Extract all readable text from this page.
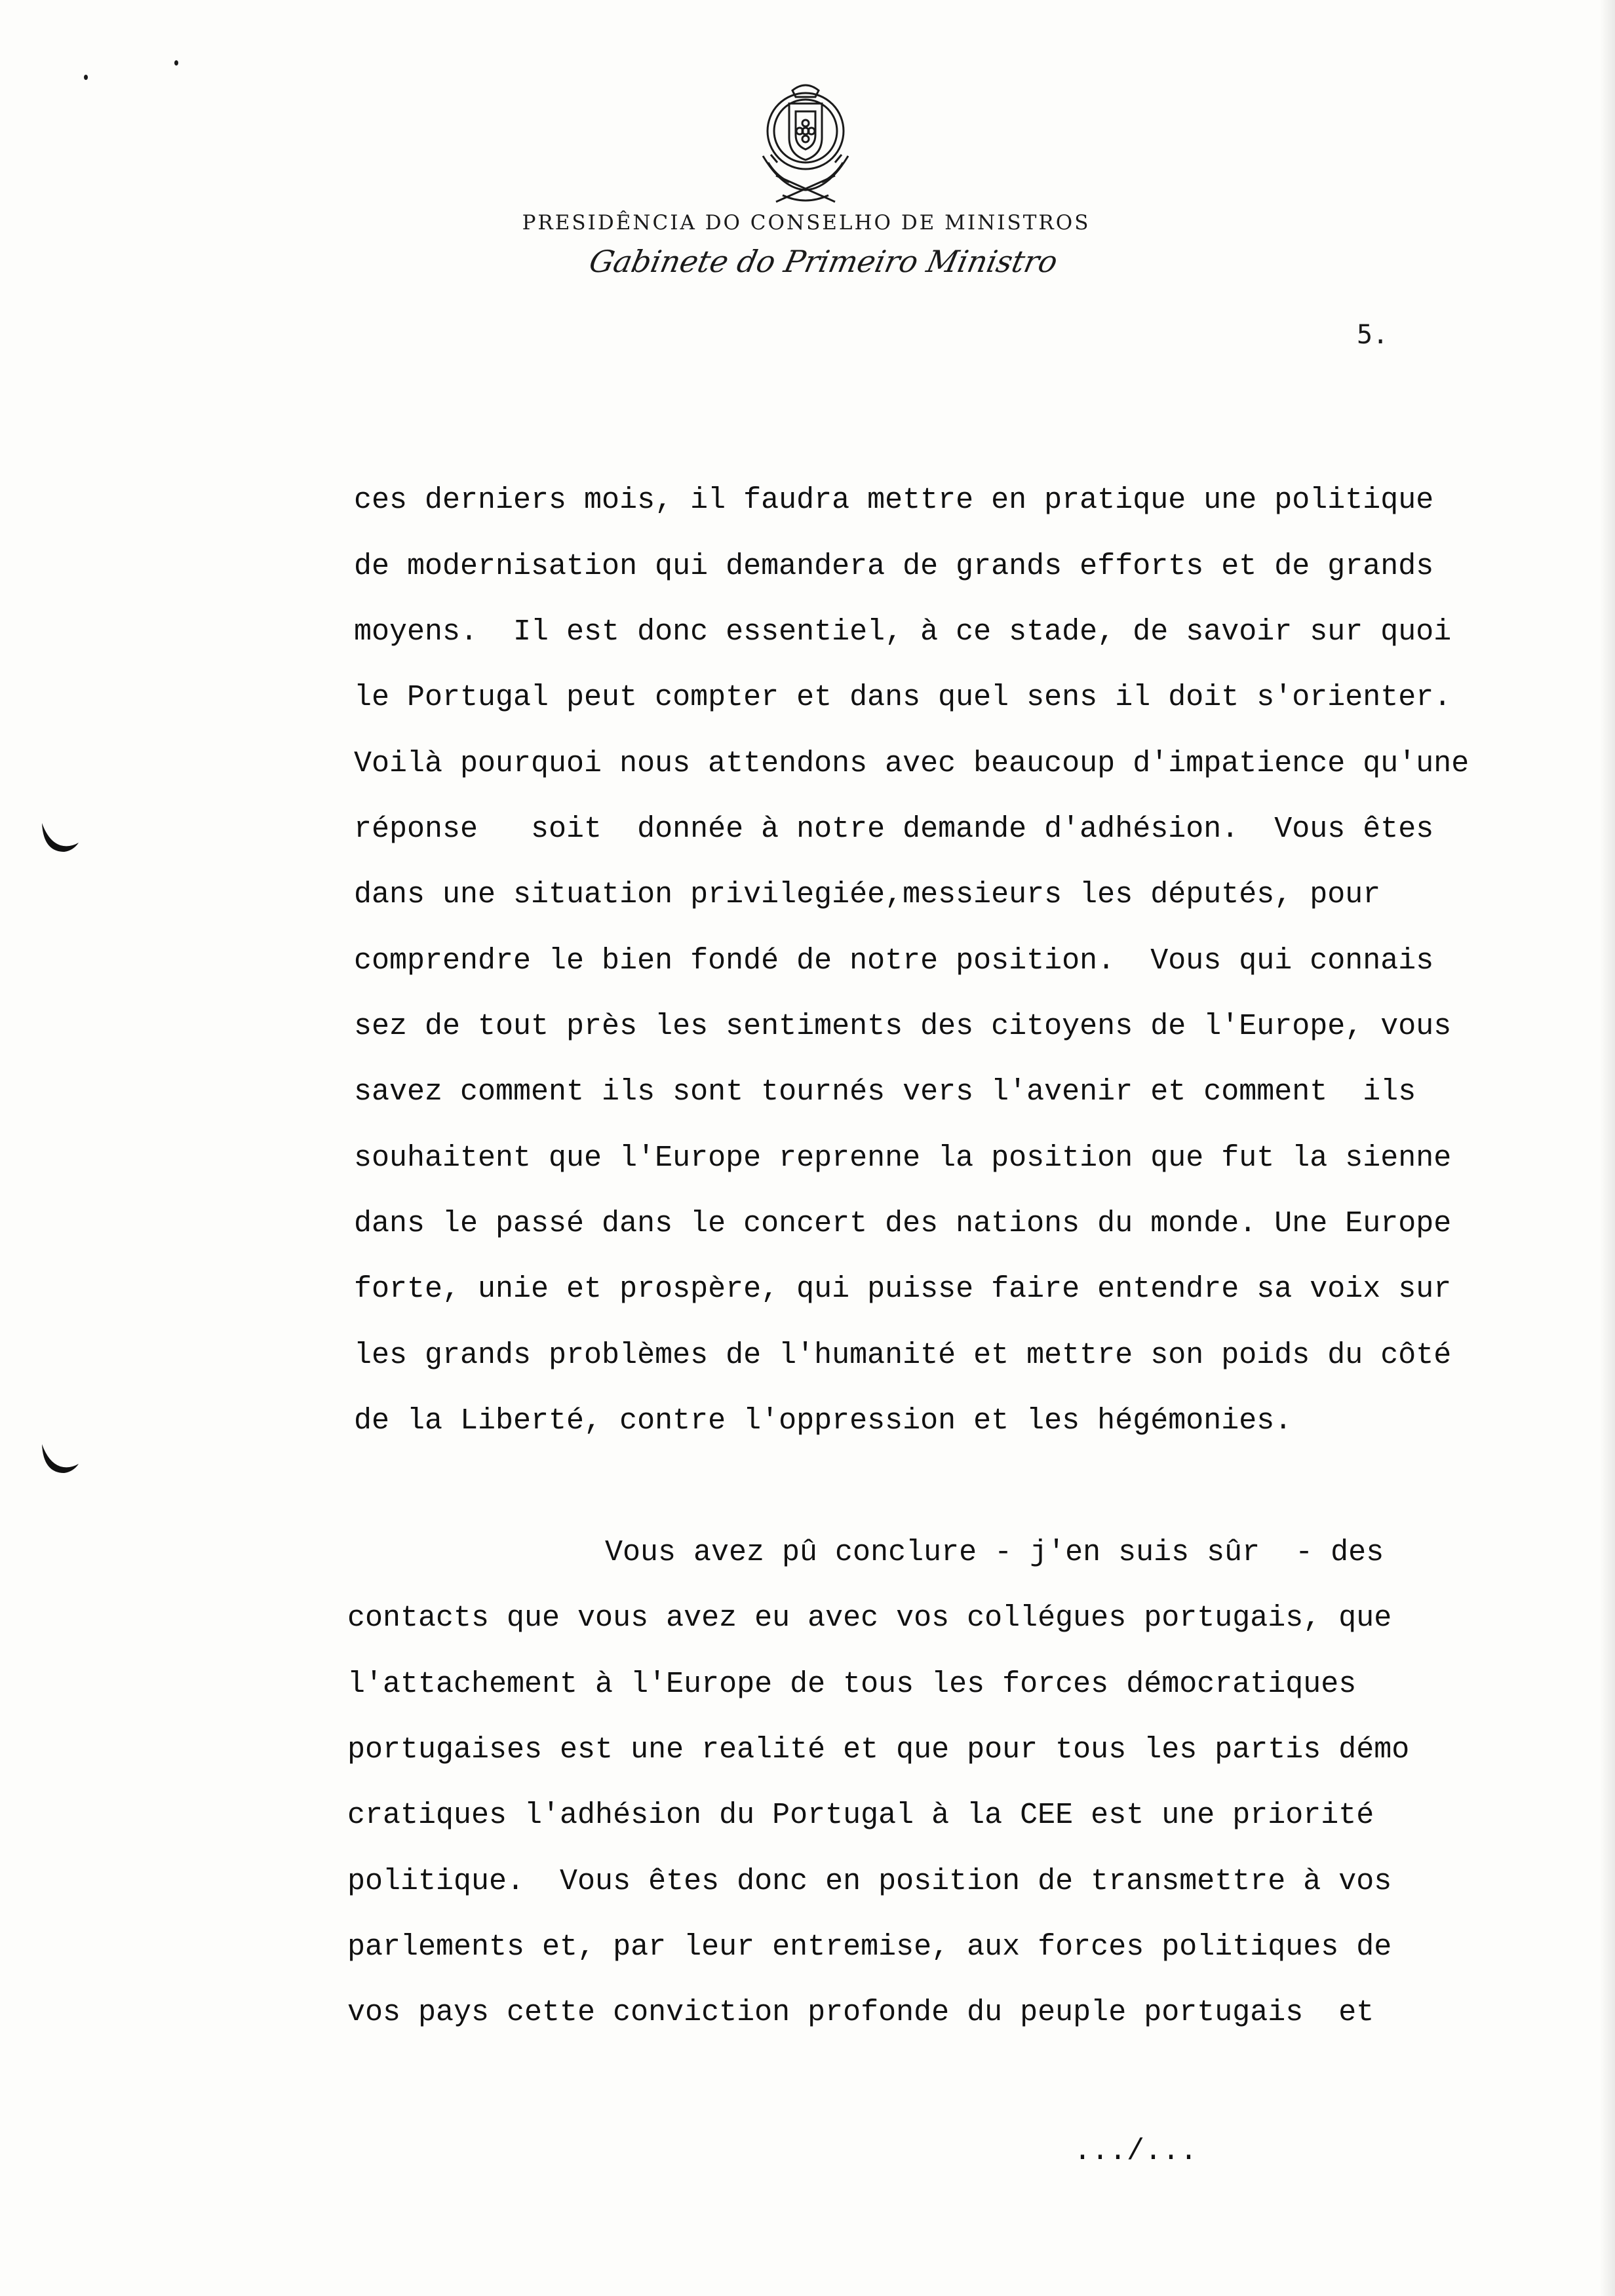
PRESIDÊNCIA DO CONSELHO DE MINISTROS
Gabinete do Primeiro Ministro
5.
ces derniers mois, il faudra mettre en pratique une politique
de modernisation qui demandera de grands efforts et de grands
moyens.  Il est donc essentiel, à ce stade, de savoir sur quoi
le Portugal peut compter et dans quel sens il doit s'orienter.
Voilà pourquoi nous attendons avec beaucoup d'impatience qu'une
réponse   soit  donnée à notre demande d'adhésion.  Vous êtes
dans une situation privilegiée,messieurs les députés, pour
comprendre le bien fondé de notre position.  Vous qui connais
sez de tout près les sentiments des citoyens de l'Europe, vous
savez comment ils sont tournés vers l'avenir et comment  ils
souhaitent que l'Europe reprenne la position que fut la sienne
dans le passé dans le concert des nations du monde. Une Europe
forte, unie et prospère, qui puisse faire entendre sa voix sur
les grands problèmes de l'humanité et mettre son poids du côté
de la Liberté, contre l'oppression et les hégémonies.
Vous avez pû conclure - j'en suis sûr  - des
contacts que vous avez eu avec vos collégues portugais, que
l'attachement à l'Europe de tous les forces démocratiques
portugaises est une realité et que pour tous les partis démo
cratiques l'adhésion du Portugal à la CEE est une priorité
politique.  Vous êtes donc en position de transmettre à vos
parlements et, par leur entremise, aux forces politiques de
vos pays cette conviction profonde du peuple portugais  et
.../...
